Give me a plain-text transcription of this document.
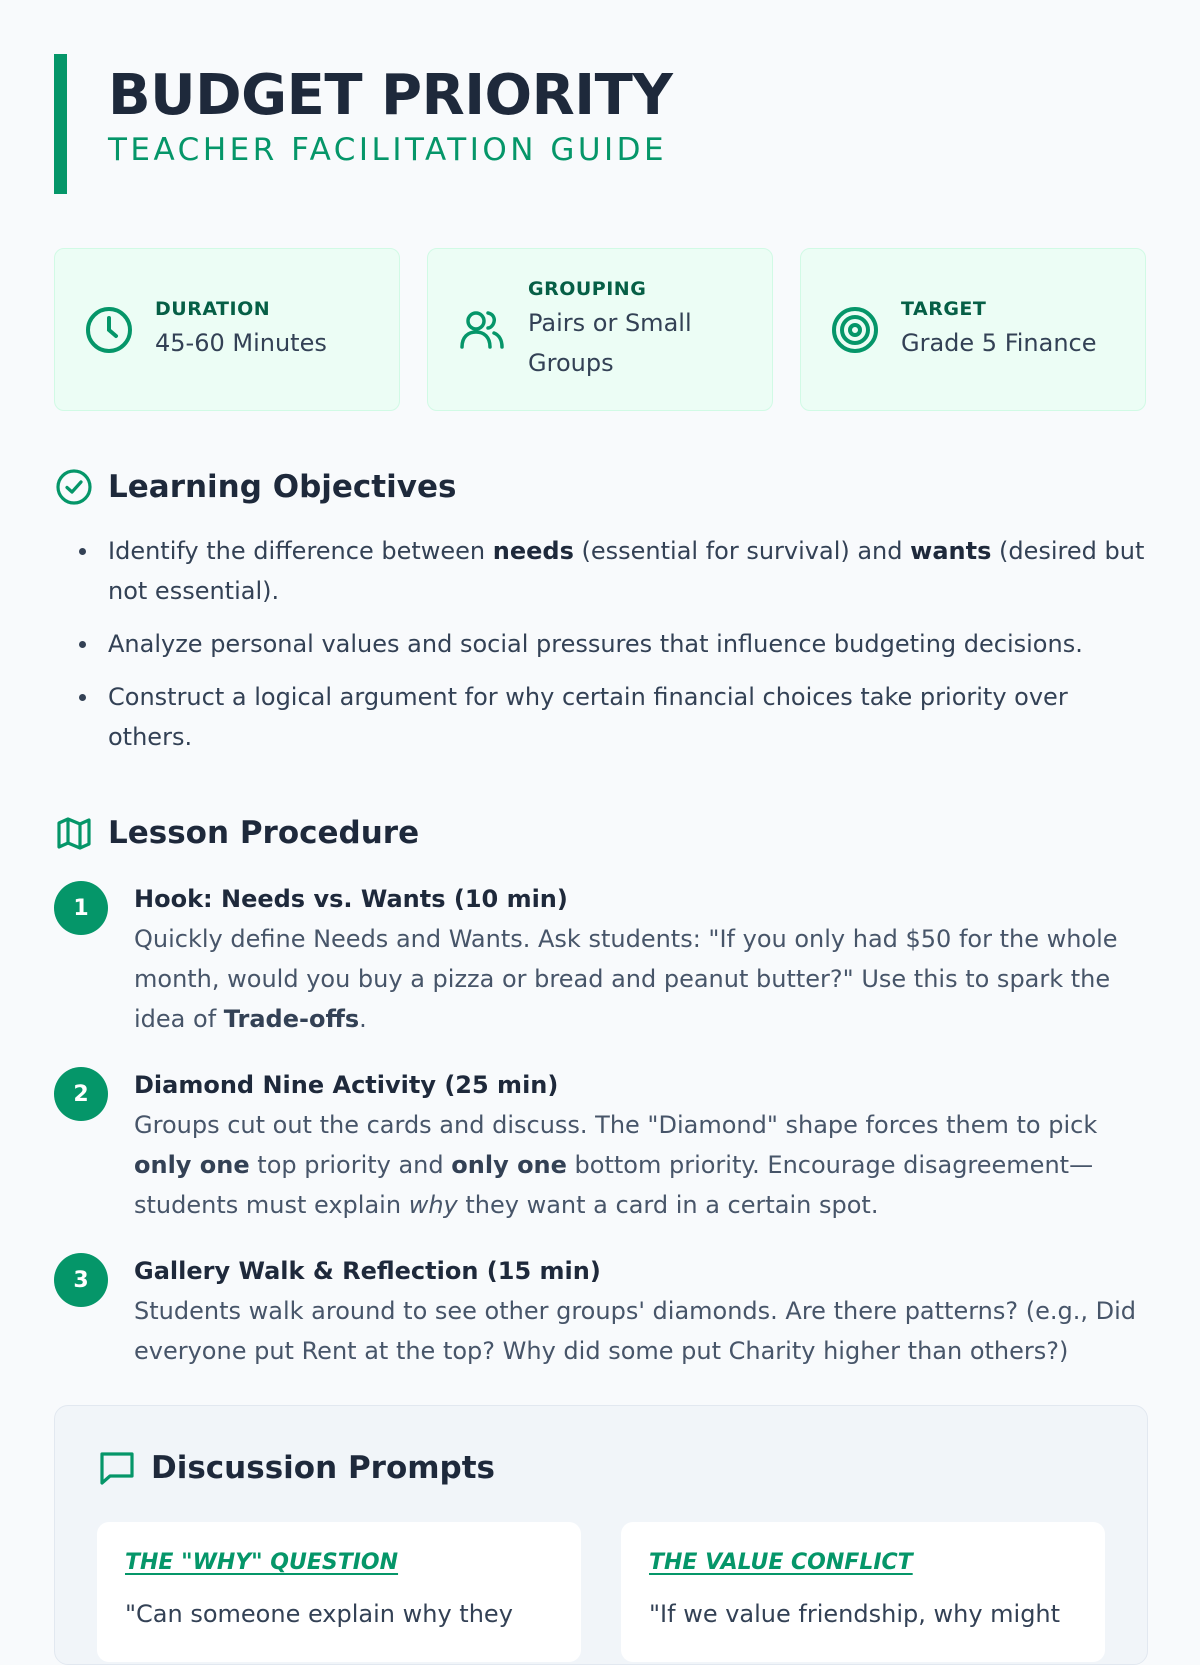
BUDGET PRIORITY
TEACHER FACILITATION GUIDE
DURATION
45-60 Minutes
GROUPING
Pairs or Small
Groups
TARGET
Grade 5 Finance
Learning Objectives
Identify the difference between needs (essential for survival) and wants (desired but not essential).
Analyze personal values and social pressures that influence budgeting decisions.
Construct a logical argument for why certain financial choices take priority over others.
Lesson Procedure
1	Hook: Needs vs. Wants (10 min)
Quickly define Needs and Wants. Ask students: "If you only had $50 for the whole month, would you buy a pizza or bread and peanut butter?" Use this to spark the idea of Trade-offs.
2	Diamond Nine Activity (25 min)
Groups cut out the cards and discuss. The "Diamond" shape forces them to pick only one top priority and only one bottom priority. Encourage disagreement—students must explain why they want a card in a certain spot.
3	Gallery Walk & Reflection (15 min)
Students walk around to see other groups' diamonds. Are there patterns? (e.g., Did everyone put Rent at the top? Why did some put Charity higher than others?)
Discussion Prompts
THE "WHY" QUESTION
"Can someone explain why they
THE VALUE CONFLICT
"If we value friendship, why might
